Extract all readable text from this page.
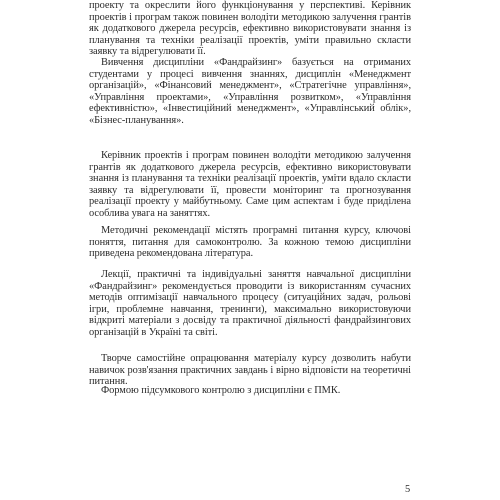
проекту та окреслити його функціонування у перспективі. Керівник проектів і програм також повинен володіти методикою залучення грантів як додаткового джерела ресурсів, ефективно використовувати знання із планування та техніки реалізації проектів, уміти правильно скласти заявку та відрегулювати її.

Вивчення дисципліни «Фандрайзинг» базується на отриманих студентами у процесі вивчення знаннях, дисциплін «Менеджмент організацій», «Фінансовий менеджмент», «Стратегічне управління», «Управління проектами», «Управління розвитком», «Управління ефективністю», «Інвестиційний менеджмент», «Управлінський облік», «Бізнес-планування».

Керівник проектів і програм повинен володіти методикою залучення грантів як додаткового джерела ресурсів, ефективно використовувати знання із планування та техніки реалізації проектів, уміти вдало скласти заявку та відрегулювати її, провести моніторинг та прогнозування реалізації проекту у майбутньому. Саме цим аспектам і буде приділена особлива увага на заняттях.

Методичні рекомендації містять програмні питання курсу, ключові поняття, питання для самоконтролю. За кожною темою дисципліни приведена рекомендована література.

Лекції, практичні та індивідуальні заняття навчальної дисципліни «Фандрайзинг» рекомендується проводити із використанням сучасних методів оптимізації навчального процесу (ситуаційних задач, рольові ігри, проблемне навчання, тренинги), максимально використовуючи відкриті матеріали з досвіду та практичної діяльності фандрайзингових організацій в Україні та світі.

Творче самостійне опрацювання матеріалу курсу дозволить набути навичок розв'язання практичних завдань і вірно відповісти на теоретичні питання.

Формою підсумкового контролю з дисципліни є ПМК.

5
